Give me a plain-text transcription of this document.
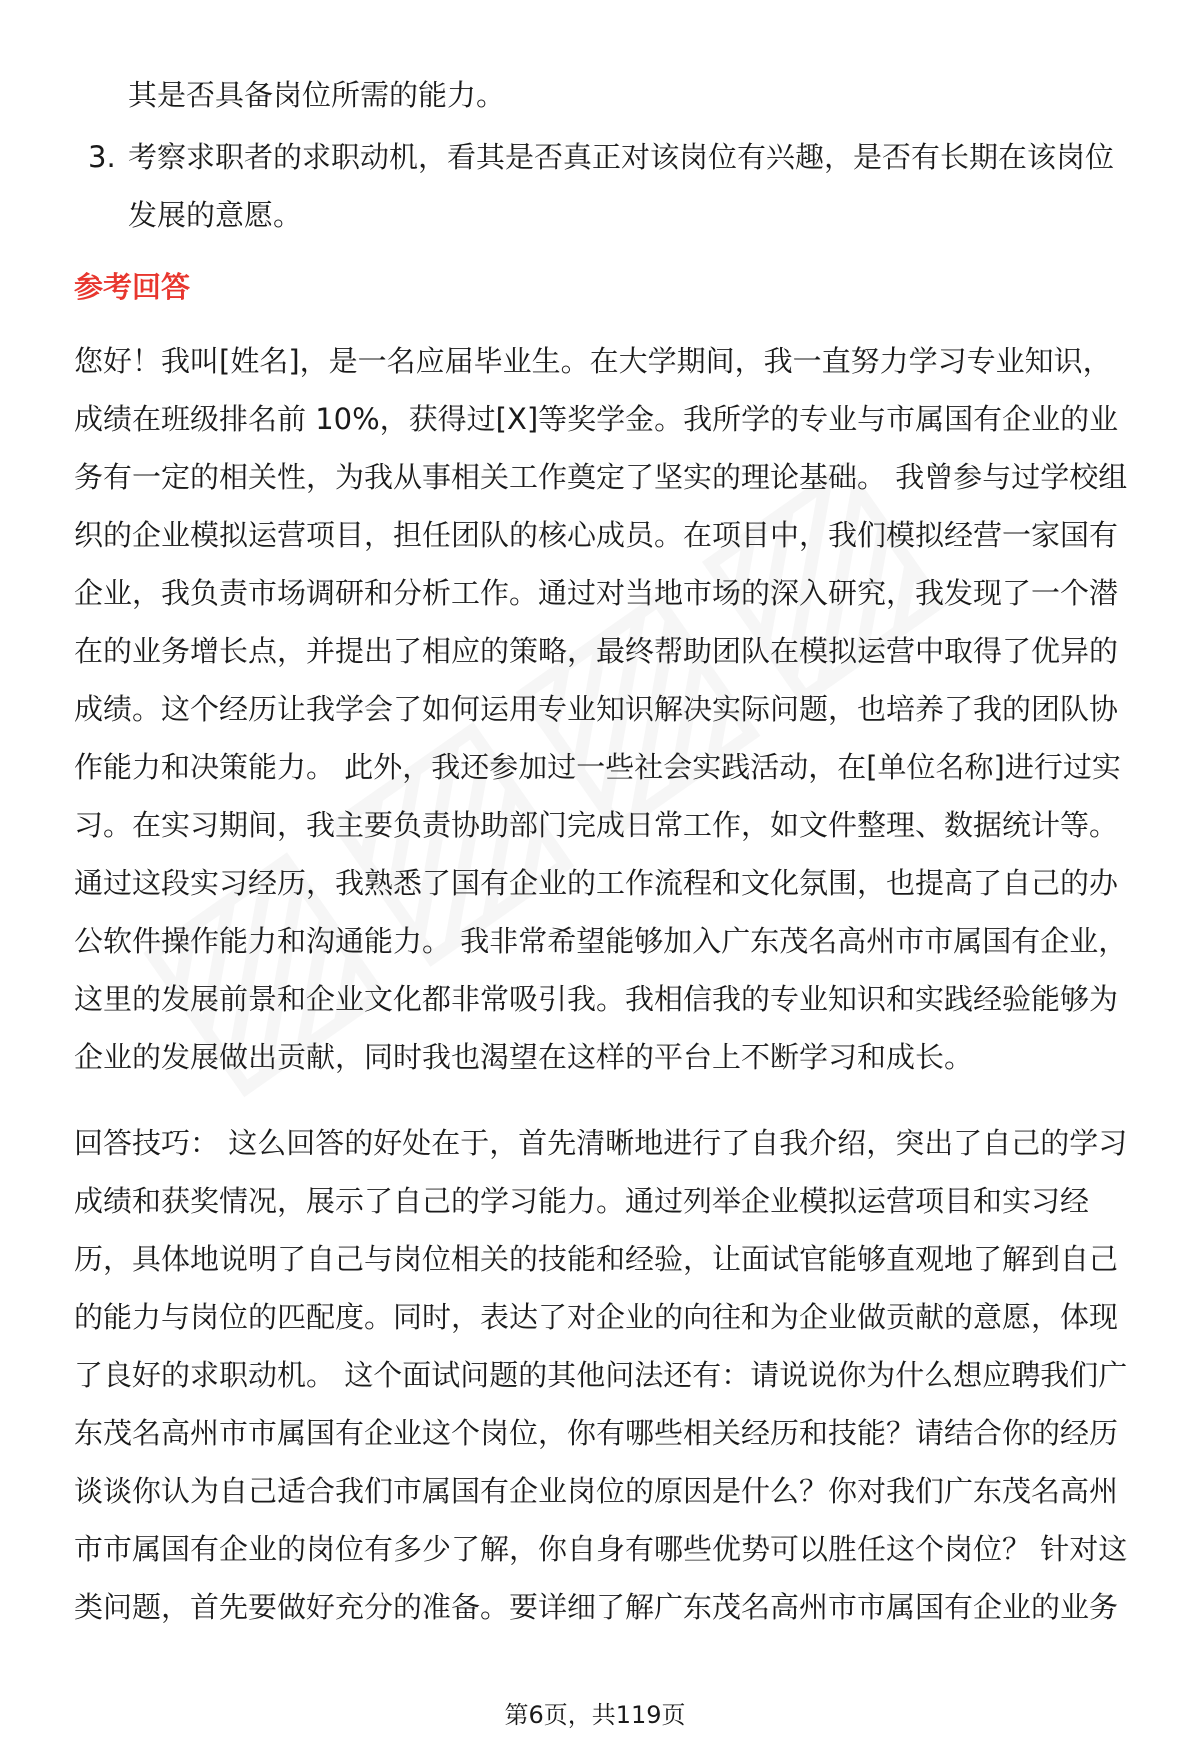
其是否具备岗位所需的能力。
3. 考察求职者的求职动机，看其是否真正对该岗位有兴趣，是否有长期在该岗位
发展的意愿。
参考回答
您好！我叫[姓名]，是一名应届毕业生。在大学期间，我一直努力学习专业知识，
成绩在班级排名前 10%，获得过[X]等奖学金。我所学的专业与市属国有企业的业
务有一定的相关性，为我从事相关工作奠定了坚实的理论基础。 我曾参与过学校组
织的企业模拟运营项目，担任团队的核心成员。在项目中，我们模拟经营一家国有
企业，我负责市场调研和分析工作。通过对当地市场的深入研究，我发现了一个潜
在的业务增长点，并提出了相应的策略，最终帮助团队在模拟运营中取得了优异的
成绩。这个经历让我学会了如何运用专业知识解决实际问题，也培养了我的团队协
作能力和决策能力。 此外，我还参加过一些社会实践活动，在[单位名称]进行过实
习。在实习期间，我主要负责协助部门完成日常工作，如文件整理、数据统计等。
通过这段实习经历，我熟悉了国有企业的工作流程和文化氛围，也提高了自己的办
公软件操作能力和沟通能力。 我非常希望能够加入广东茂名高州市市属国有企业，
这里的发展前景和企业文化都非常吸引我。我相信我的专业知识和实践经验能够为
企业的发展做出贡献，同时我也渴望在这样的平台上不断学习和成长。
回答技巧： 这么回答的好处在于，首先清晰地进行了自我介绍，突出了自己的学习
成绩和获奖情况，展示了自己的学习能力。通过列举企业模拟运营项目和实习经
历，具体地说明了自己与岗位相关的技能和经验，让面试官能够直观地了解到自己
的能力与岗位的匹配度。同时，表达了对企业的向往和为企业做贡献的意愿，体现
了良好的求职动机。 这个面试问题的其他问法还有：请说说你为什么想应聘我们广
东茂名高州市市属国有企业这个岗位，你有哪些相关经历和技能？请结合你的经历
谈谈你认为自己适合我们市属国有企业岗位的原因是什么？你对我们广东茂名高州
市市属国有企业的岗位有多少了解，你自身有哪些优势可以胜任这个岗位？ 针对这
类问题，首先要做好充分的准备。要详细了解广东茂名高州市市属国有企业的业务
第6页，共119页
